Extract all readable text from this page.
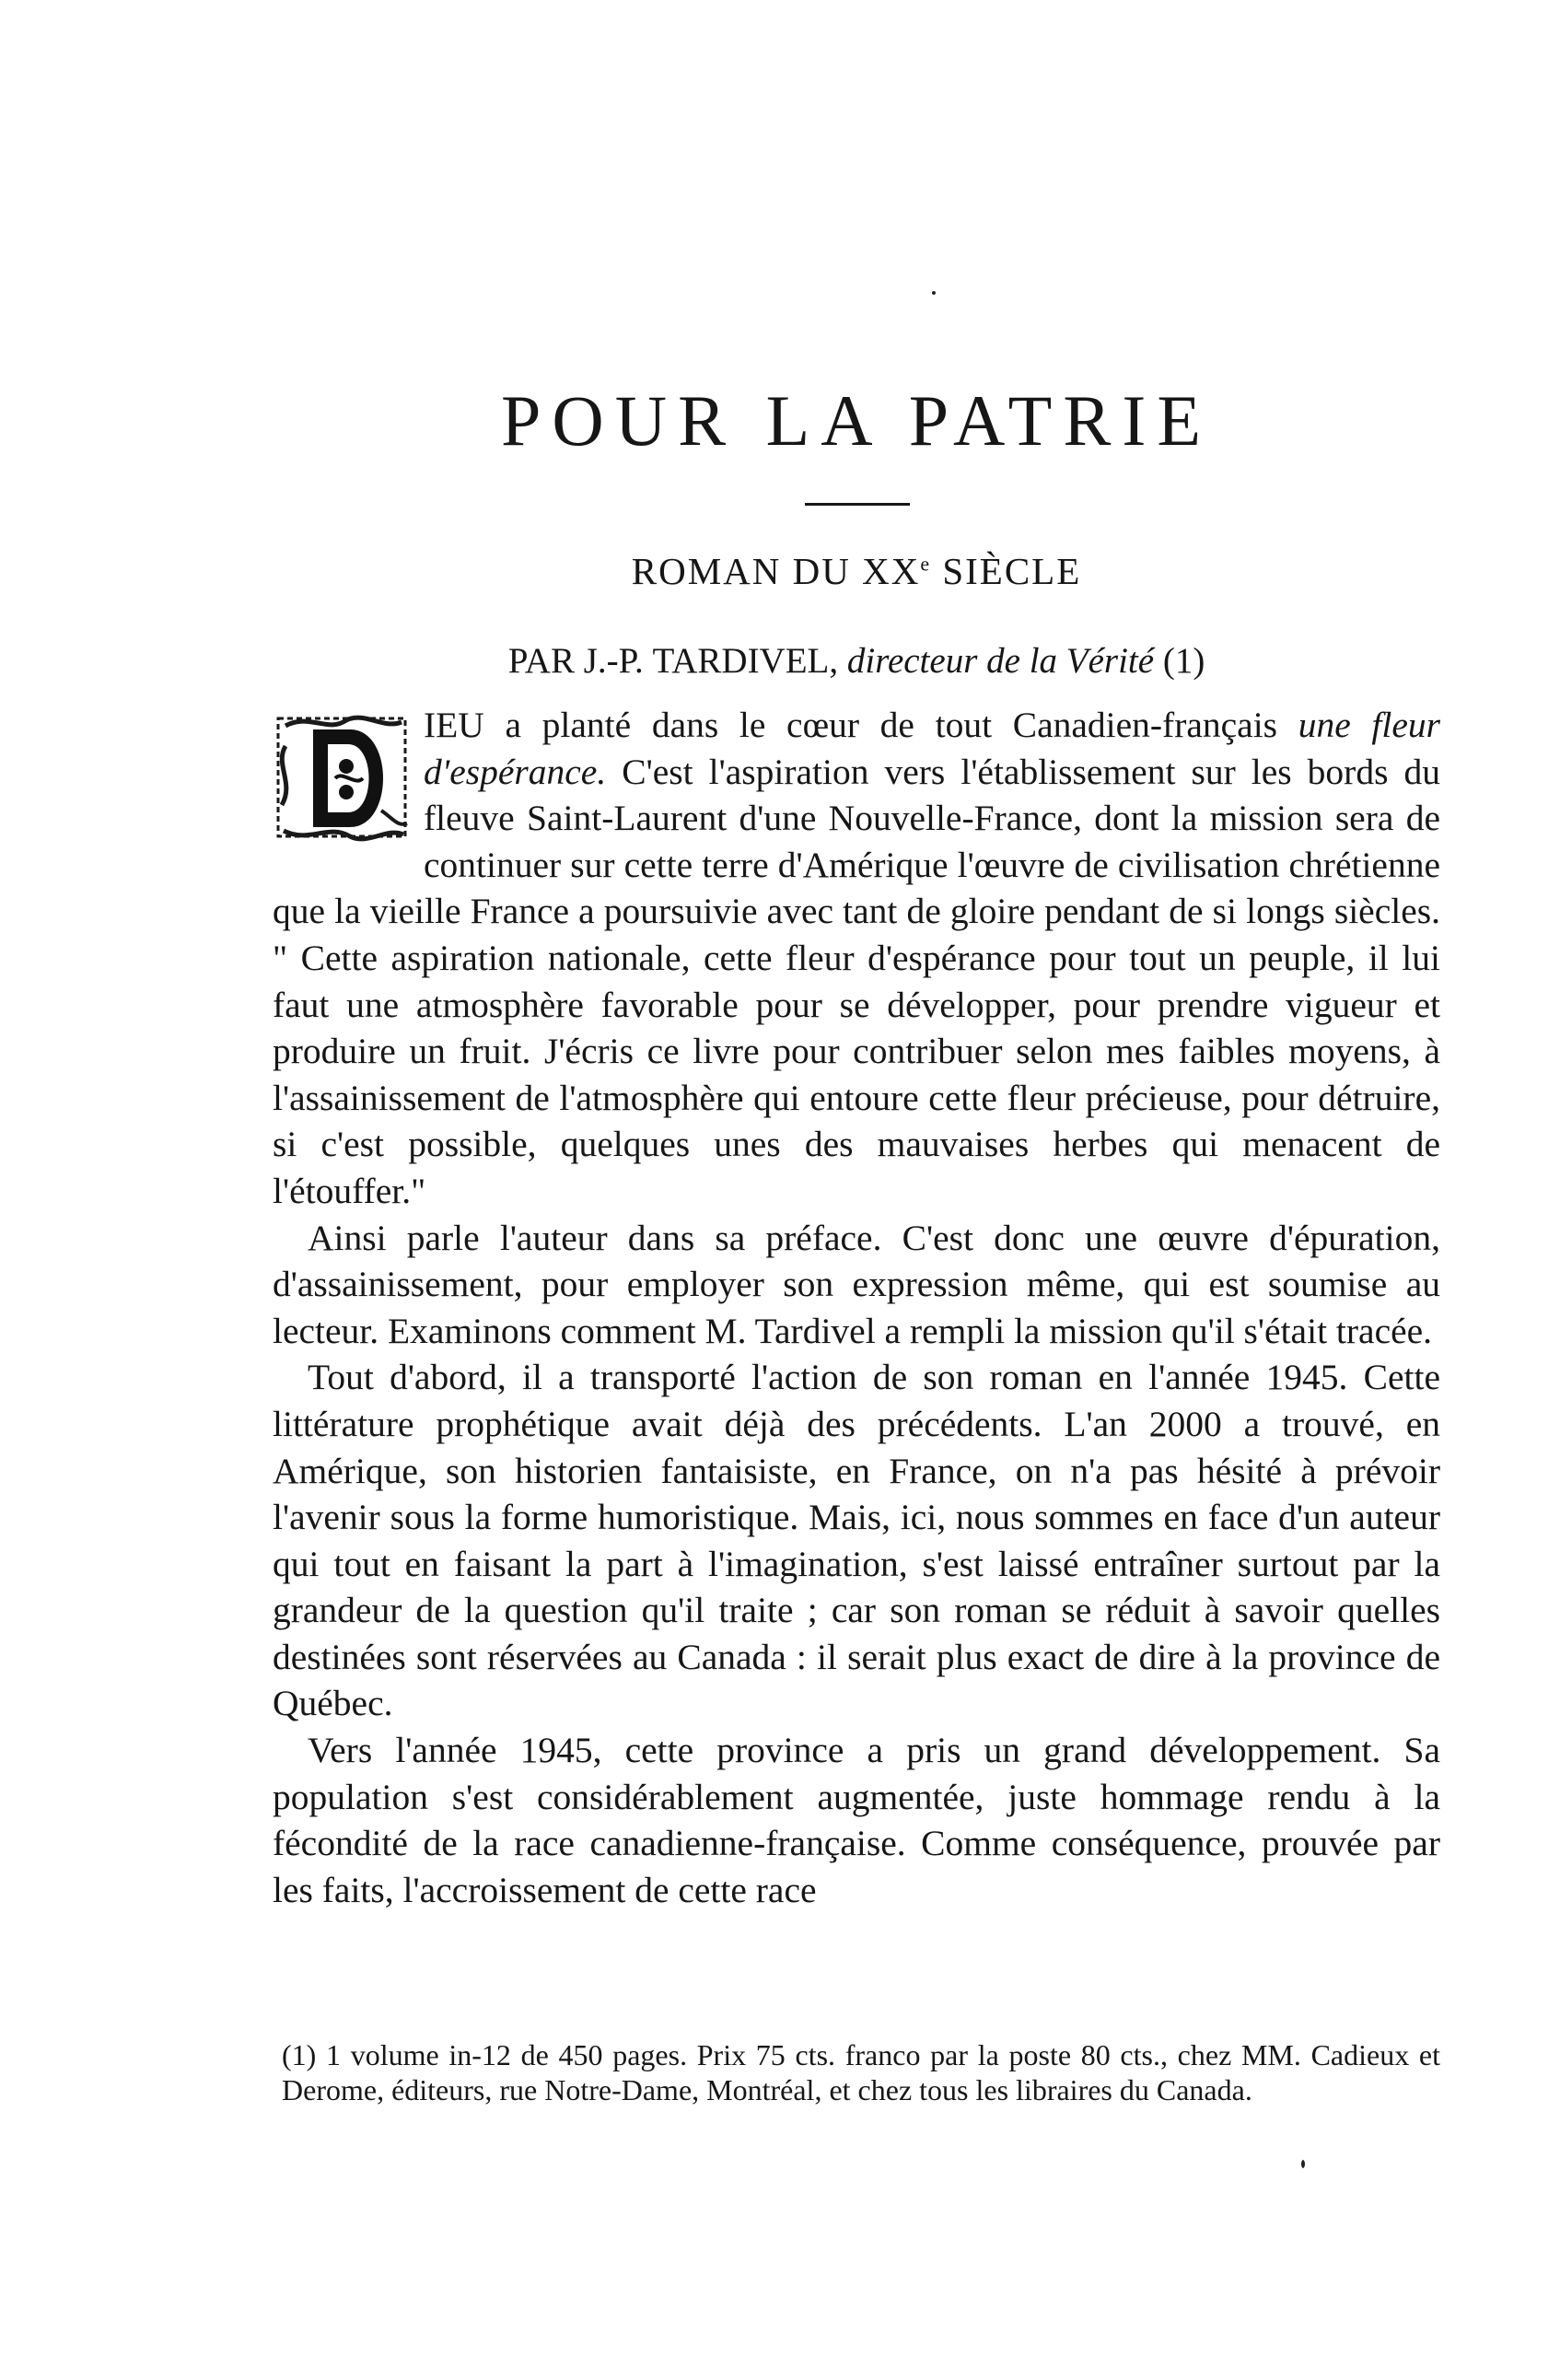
POUR LA PATRIE
ROMAN DU XXe SIÈCLE

PAR J.-P. TARDIVEL, directeur de la Vérité (1)

IEU a planté dans le cœur de tout Canadien-français une fleur d'espérance. C'est l'aspiration vers l'établissement sur les bords du fleuve Saint-Laurent d'une Nouvelle-France, dont la mission sera de continuer sur cette terre d'Amérique l'œuvre de civilisation chrétienne que la vieille France a poursuivie avec tant de gloire pendant de si longs siècles. " Cette aspiration nationale, cette fleur d'espérance pour tout un peuple, il lui faut une atmosphère favorable pour se développer, pour prendre vigueur et produire un fruit. J'écris ce livre pour contribuer selon mes faibles moyens, à l'assainissement de l'atmosphère qui entoure cette fleur précieuse, pour détruire, si c'est possible, quelques unes des mauvaises herbes qui menacent de l'étouffer."

Ainsi parle l'auteur dans sa préface. C'est donc une œuvre d'épuration, d'assainissement, pour employer son expression même, qui est soumise au lecteur. Examinons comment M. Tardivel a rempli la mission qu'il s'était tracée.

Tout d'abord, il a transporté l'action de son roman en l'année 1945. Cette littérature prophétique avait déjà des précédents. L'an 2000 a trouvé, en Amérique, son historien fantaisiste, en France, on n'a pas hésité à prévoir l'avenir sous la forme humoristique. Mais, ici, nous sommes en face d'un auteur qui tout en faisant la part à l'imagination, s'est laissé entraîner surtout par la grandeur de la question qu'il traite ; car son roman se réduit à savoir quelles destinées sont réservées au Canada : il serait plus exact de dire à la province de Québec.

Vers l'année 1945, cette province a pris un grand développement. Sa population s'est considérablement augmentée, juste hommage rendu à la fécondité de la race canadienne-française. Comme conséquence, prouvée par les faits, l'accroissement de cette race

(1) 1 volume in-12 de 450 pages. Prix 75 cts. franco par la poste 80 cts., chez MM. Cadieux et Derome, éditeurs, rue Notre-Dame, Montréal, et chez tous les libraires du Canada.
